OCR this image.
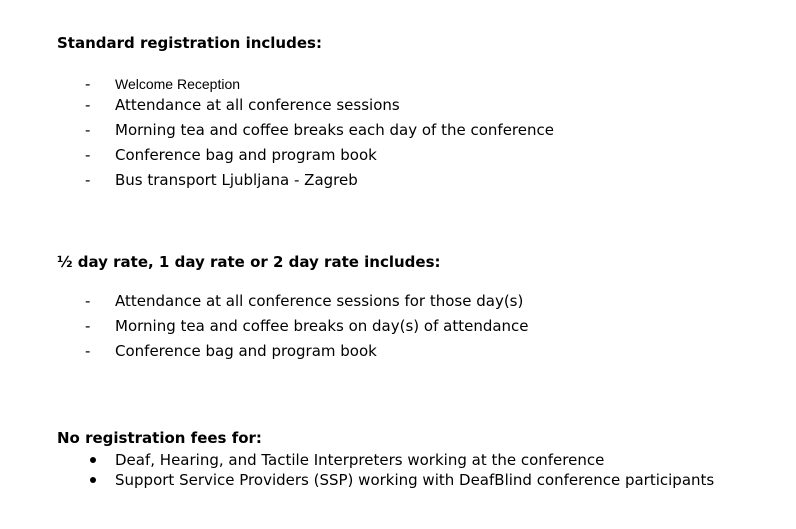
Standard registration includes:
-	Welcome Reception
-	Attendance at all conference sessions
-	Morning tea and coffee breaks each day of the conference
-	Conference bag and program book
-	Bus transport Ljubljana - Zagreb
½ day rate, 1 day rate or 2 day rate includes:
-	Attendance at all conference sessions for those day(s)
-	Morning tea and coffee breaks on day(s) of attendance
-	Conference bag and program book
No registration fees for:
Deaf, Hearing, and Tactile Interpreters working at the conference
Support Service Providers (SSP) working with DeafBlind conference participants
